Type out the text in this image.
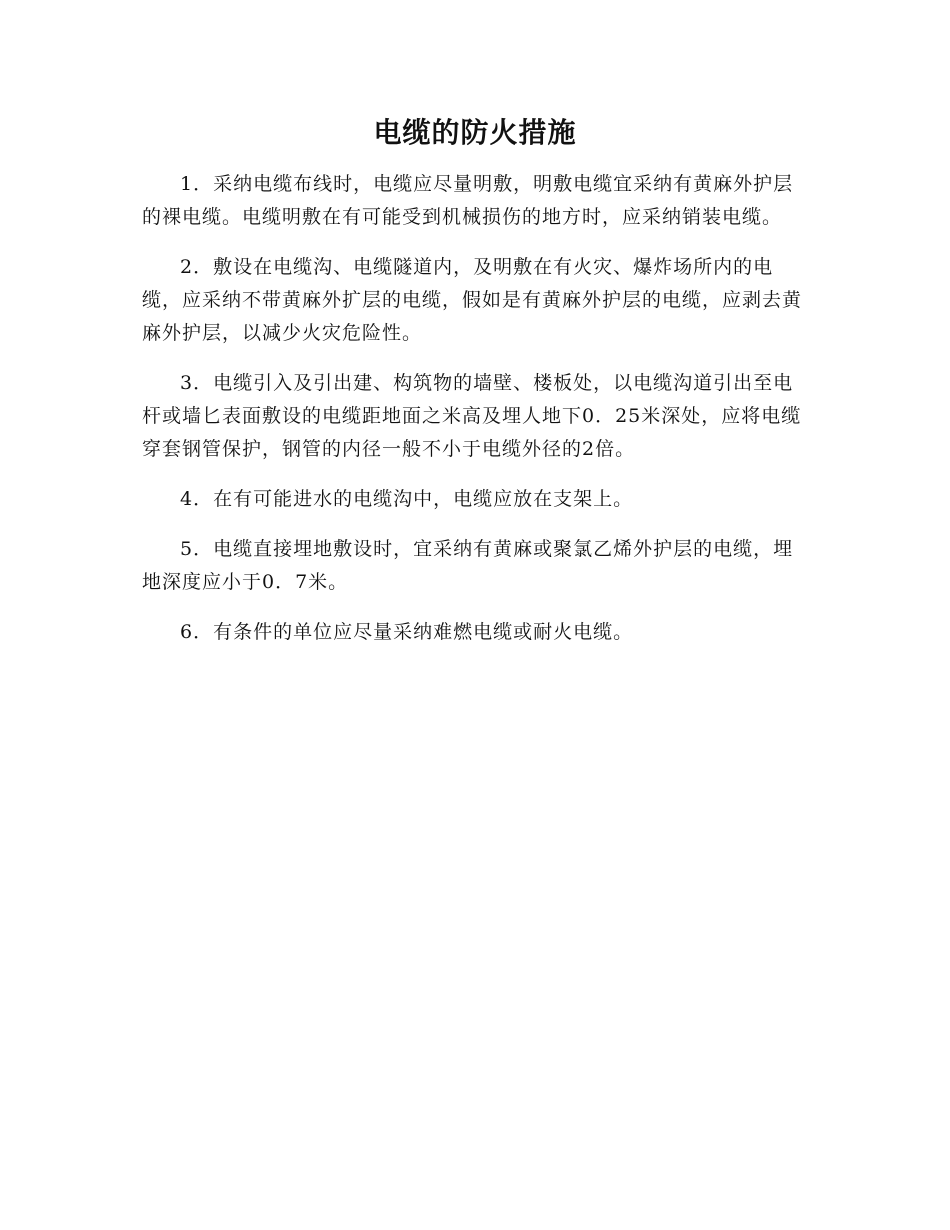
电缆的防火措施

1．采纳电缆布线时，电缆应尽量明敷，明敷电缆宜采纳有黄麻外护层的裸电缆。电缆明敷在有可能受到机械损伤的地方时，应采纳销装电缆。

2．敷设在电缆沟、电缆隧道内，及明敷在有火灾、爆炸场所内的电缆，应采纳不带黄麻外扩层的电缆，假如是有黄麻外护层的电缆，应剥去黄麻外护层，以减少火灾危险性。

3．电缆引入及引出建、构筑物的墙壁、楼板处，以电缆沟道引出至电杆或墙匕表面敷设的电缆距地面之米高及埋人地下0．25米深处，应将电缆穿套钢管保护，钢管的内径一般不小于电缆外径的2倍。

4．在有可能进水的电缆沟中，电缆应放在支架上。

5．电缆直接埋地敷设时，宜采纳有黄麻或聚氯乙烯外护层的电缆，埋地深度应小于0．7米。

6．有条件的单位应尽量采纳难燃电缆或耐火电缆。
